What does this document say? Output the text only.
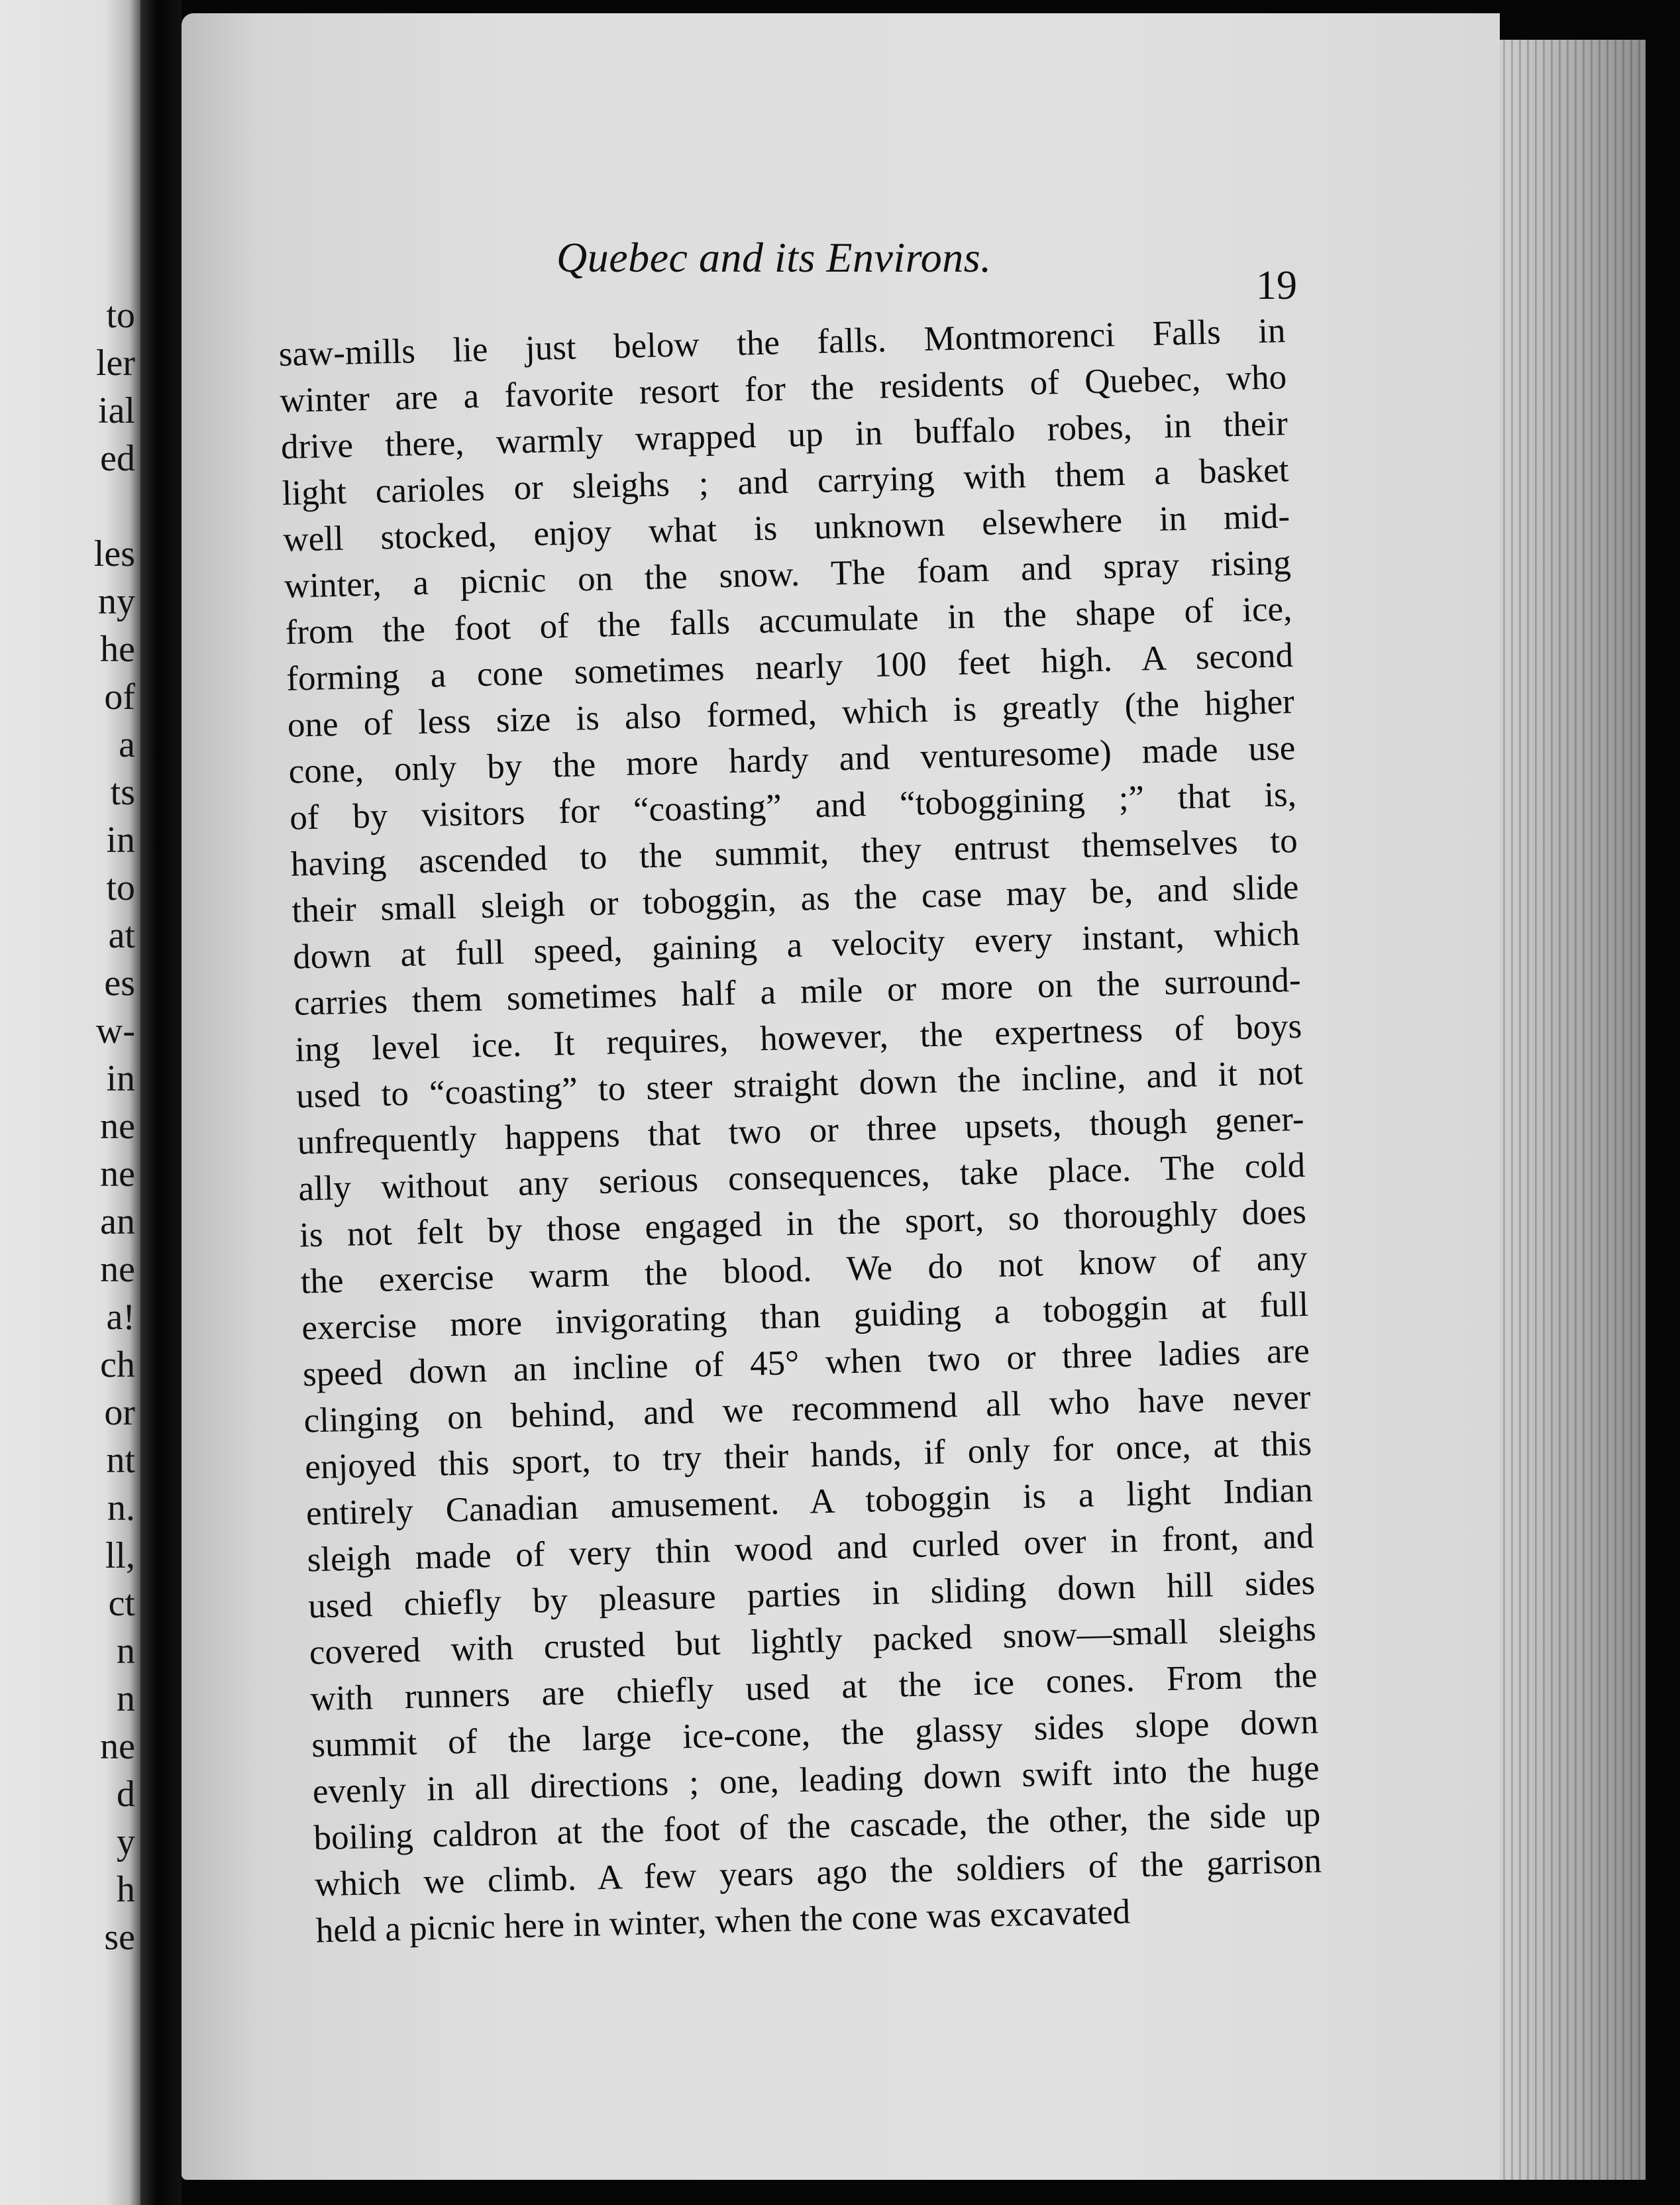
to
ler
ial
ed
les
ny
he
of
a
ts
in
to
at
es
w-
in
ne
ne
an
ne
a!
ch
or
nt
n.
ll,
ct
n
n
ne
d
y
h
se
Quebec and its Environs.
19
saw-mills lie just below the falls. Montmorenci Falls in
winter are a favorite resort for the residents of Quebec, who
drive there, warmly wrapped up in buffalo robes, in their
light carioles or sleighs ; and carrying with them a basket
well stocked, enjoy what is unknown elsewhere in mid-
winter, a picnic on the snow. The foam and spray rising
from the foot of the falls accumulate in the shape of ice,
forming a cone sometimes nearly 100 feet high. A second
one of less size is also formed, which is greatly (the higher
cone, only by the more hardy and venturesome) made use
of by visitors for “coasting” and “toboggining ;” that is,
having ascended to the summit, they entrust themselves to
their small sleigh or toboggin, as the case may be, and slide
down at full speed, gaining a velocity every instant, which
carries them sometimes half a mile or more on the surround-
ing level ice. It requires, however, the expertness of boys
used to “coasting” to steer straight down the incline, and it not
unfrequently happens that two or three upsets, though gener-
ally without any serious consequences, take place. The cold
is not felt by those engaged in the sport, so thoroughly does
the exercise warm the blood. We do not know of any
exercise more invigorating than guiding a toboggin at full
speed down an incline of 45° when two or three ladies are
clinging on behind, and we recommend all who have never
enjoyed this sport, to try their hands, if only for once, at this
entirely Canadian amusement. A toboggin is a light Indian
sleigh made of very thin wood and curled over in front, and
used chiefly by pleasure parties in sliding down hill sides
covered with crusted but lightly packed snow—small sleighs
with runners are chiefly used at the ice cones. From the
summit of the large ice-cone, the glassy sides slope down
evenly in all directions ; one, leading down swift into the huge
boiling caldron at the foot of the cascade, the other, the side up
which we climb. A few years ago the soldiers of the garrison
held a picnic here in winter, when the cone was excavated
